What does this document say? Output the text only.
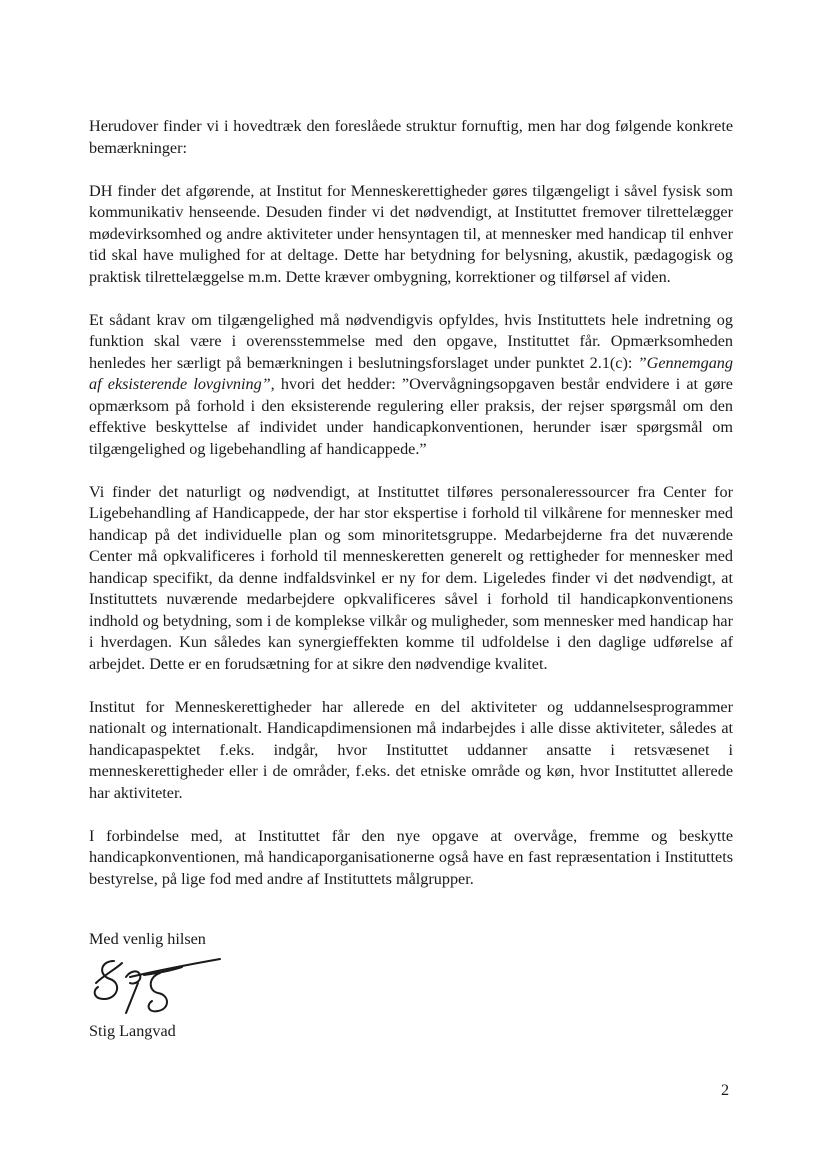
Herudover finder vi i hovedtræk den foreslåede struktur fornuftig, men har dog følgende konkrete bemærkninger:

DH finder det afgørende, at Institut for Menneskerettigheder gøres tilgængeligt i såvel fysisk som kommunikativ henseende. Desuden finder vi det nødvendigt, at Instituttet fremover tilrettelægger mødevirksomhed og andre aktiviteter under hensyntagen til, at mennesker med handicap til enhver tid skal have mulighed for at deltage. Dette har betydning for belysning, akustik, pædagogisk og praktisk tilrettelæggelse m.m. Dette kræver ombygning, korrektioner og tilførsel af viden.

Et sådant krav om tilgængelighed må nødvendigvis opfyldes, hvis Instituttets hele indretning og funktion skal være i overensstemmelse med den opgave, Instituttet får. Opmærksomheden henledes her særligt på bemærkningen i beslutningsforslaget under punktet 2.1(c): ”Gennemgang af eksisterende lovgivning”, hvori det hedder: ”Overvågningsopgaven består endvidere i at gøre opmærksom på forhold i den eksisterende regulering eller praksis, der rejser spørgsmål om den effektive beskyttelse af individet under handicapkonventionen, herunder især spørgsmål om tilgængelighed og ligebehandling af handicappede.”

Vi finder det naturligt og nødvendigt, at Instituttet tilføres personaleressourcer fra Center for Ligebehandling af Handicappede, der har stor ekspertise i forhold til vilkårene for mennesker med handicap på det individuelle plan og som minoritetsgruppe. Medarbejderne fra det nuværende Center må opkvalificeres i forhold til menneskeretten generelt og rettigheder for mennesker med handicap specifikt, da denne indfaldsvinkel er ny for dem. Ligeledes finder vi det nødvendigt, at Instituttets nuværende medarbejdere opkvalificeres såvel i forhold til handicapkonventionens indhold og betydning, som i de komplekse vilkår og muligheder, som mennesker med handicap har i hverdagen. Kun således kan synergieffekten komme til udfoldelse i den daglige udførelse af arbejdet. Dette er en forudsætning for at sikre den nødvendige kvalitet.

Institut for Menneskerettigheder har allerede en del aktiviteter og uddannelsesprogrammer nationalt og internationalt. Handicapdimensionen må indarbejdes i alle disse aktiviteter, således at handicapaspektet f.eks. indgår, hvor Instituttet uddanner ansatte i retsvæsenet i menneskerettigheder eller i de områder, f.eks. det etniske område og køn, hvor Instituttet allerede har aktiviteter.

I forbindelse med, at Instituttet får den nye opgave at overvåge, fremme og beskytte handicapkonventionen, må handicaporganisationerne også have en fast repræsentation i Instituttets bestyrelse, på lige fod med andre af Instituttets målgrupper.

Med venlig hilsen

Stig Langvad

2
